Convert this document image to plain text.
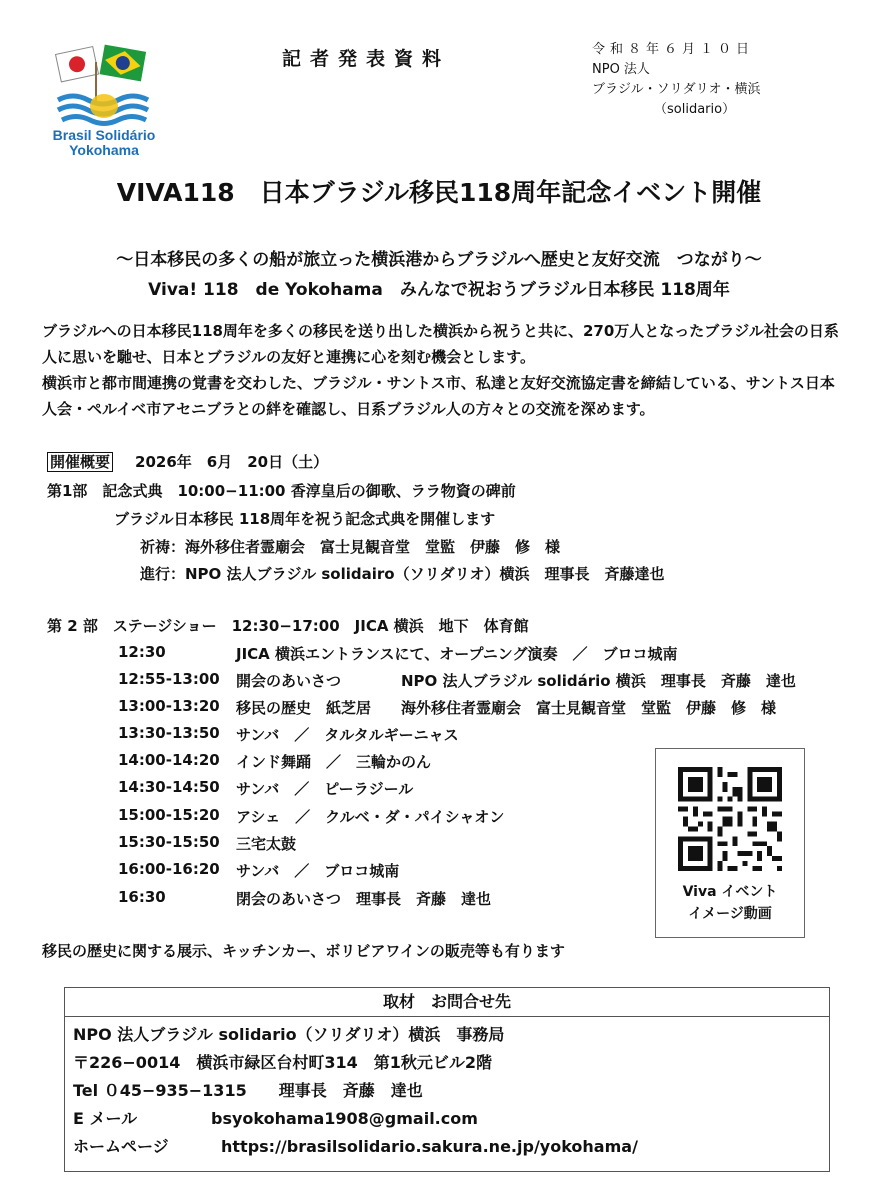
Brasil Solidário
Yokohama
記者発表資料	令和８年６月１０日
NPO 法人
ブラジル・ソリダリオ・横浜
（solidario）
VIVA118　日本ブラジル移民118周年記念イベント開催
〜日本移民の多くの船が旅立った横浜港からブラジルへ歴史と友好交流　つながり〜
Viva! 118　de Yokohama　みんなで祝おうブラジル日本移民 118周年

ブラジルへの日本移民118周年を多くの移民を送り出した横浜から祝うと共に、270万人となったブラジル社会の日系人に思いを馳せ、日本とブラジルの友好と連携に心を刻む機会とします。

横浜市と都市間連携の覚書を交わした、ブラジル・サントス市、私達と友好交流協定書を締結している、サントス日本人会・ペルイベ市アセニブラとの絆を確認し、日系ブラジル人の方々との交流を深めます。

開催概要 2026年　6月　20日（土）
第1部　記念式典　10:00−11:00 香淳皇后の御歌、ララ物資の碑前
ブラジル日本移民 118周年を祝う記念式典を開催します
祈祷：海外移住者霊廟会　富士見観音堂　堂監　伊藤　修　様
進行：NPO 法人ブラジル solidairo（ソリダリオ）横浜　理事長　斉藤達也
第 2 部　ステージショー　12:30−17:00　JICA 横浜　地下　体育館
12:30	JICA 横浜エントランスにて、オープニング演奏　／　ブロコ城南
12:55-13:00 開会のあいさつ　　　　NPO 法人ブラジル solidário 横浜　理事長　斉藤　達也
13:00-13:20 移民の歴史　紙芝居　　海外移住者霊廟会　富士見観音堂　堂監　伊藤　修　様
13:30-13:50 サンバ　／　タルタルギーニャス
14:00-14:20 インド舞踊　／　三輪かのん
14:30-14:50 サンバ　／　ピーラジール
15:00-15:20 アシェ　／　クルベ・ダ・パイシャオン
15:30-15:50 三宅太鼓
16:00-16:20 サンバ　／　ブロコ城南
16:30	閉会のあいさつ　理事長　斉藤　達也	Viva イベント
イメージ動画
移民の歴史に関する展示、キッチンカー、ボリビアワインの販売等も有ります
取材　お問合せ先
NPO 法人ブラジル solidario（ソリダリオ）横浜　事務局
〒226−0014　横浜市緑区台村町314　第1秋元ビル2階
Tel ０45−935−1315　　理事長　斉藤　達也
E メール	bsyokohama1908@gmail.com
ホームページ	https://brasilsolidario.sakura.ne.jp/yokohama/
